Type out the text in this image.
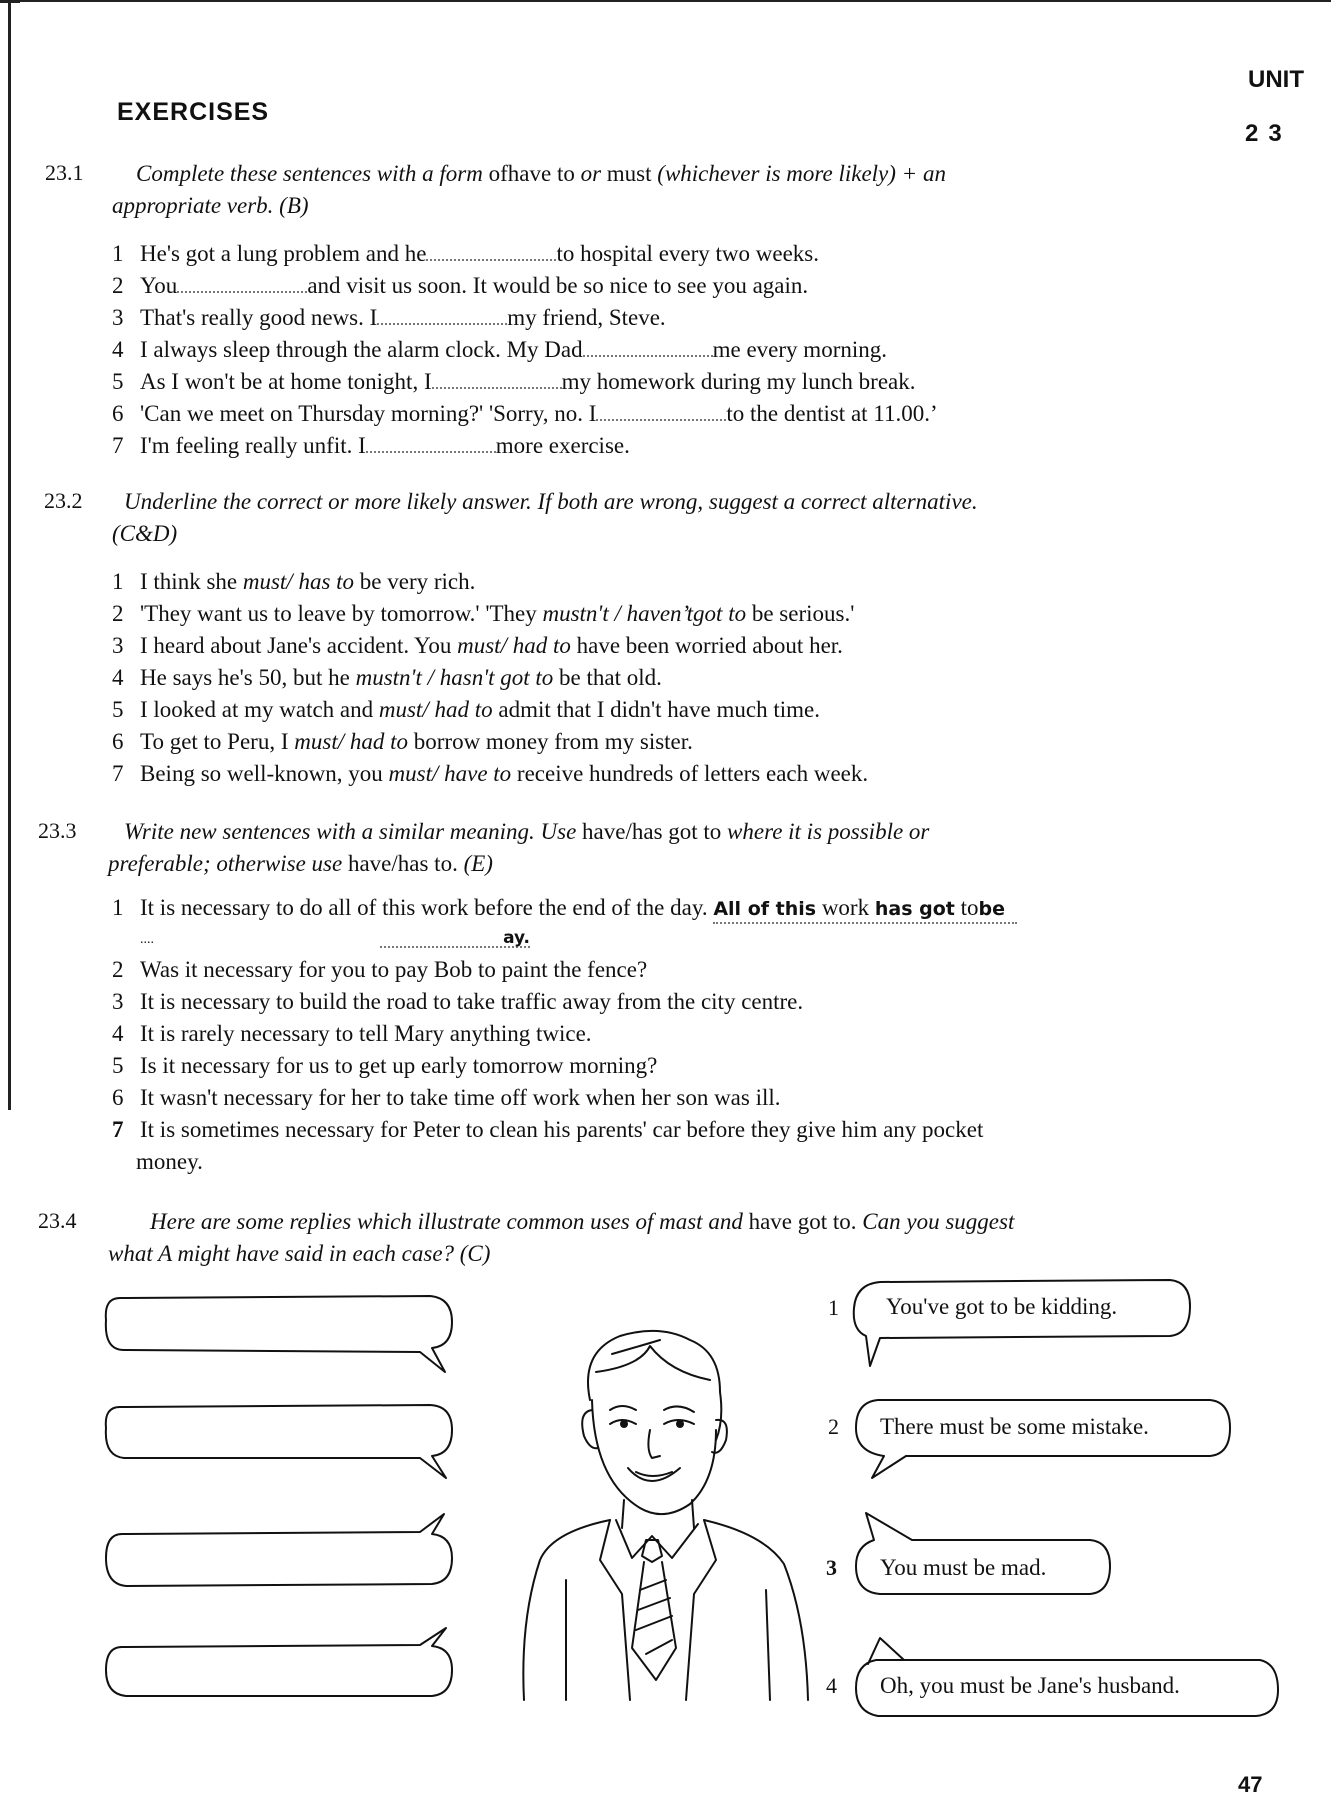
UNIT
23
EXERCISES
23.1	Complete these sentences with a form ofhave to or must (whichever is more likely) + an
appropriate verb. (B)
1 He's got a lung problem and he	to hospital every two weeks.
2 You	and visit us soon. It would be so nice to see you again.
3 That's really good news. I	my friend, Steve.
4 I always sleep through the alarm clock. My Dad	me every morning.
5 As I won't be at home tonight, I	my homework during my lunch break.
6 'Can we meet on Thursday morning?' 'Sorry, no. I	to the dentist at 11.00.’
7 I'm feeling really unfit. I	more exercise.
23.2	Underline the correct or more likely answer. If both are wrong, suggest a correct alternative.
(C&D)
1 I think she must/ has to be very rich.
2 'They want us to leave by tomorrow.' 'They mustn't / haven’tgot to be serious.'
3 I heard about Jane's accident. You must/ had to have been worried about her.
4 He says he's 50, but he mustn't / hasn't got to be that old.
5 I looked at my watch and must/ had to admit that I didn't have much time.
6 To get to Peru, I must/ had to borrow money from my sister.
7 Being so well-known, you must/ have to receive hundreds of letters each week.
23.3	Write new sentences with a similar meaning. Use have/has got to where it is possible or
preferable; otherwise use have/has to. (E)
1 It is necessary to do all of this work before the end of the day. All of this work has got tobe
....	ay.
2 Was it necessary for you to pay Bob to paint the fence?
3 It is necessary to build the road to take traffic away from the city centre.
4 It is rarely necessary to tell Mary anything twice.
5 Is it necessary for us to get up early tomorrow morning?
6 It wasn't necessary for her to take time off work when her son was ill.
7 It is sometimes necessary for Peter to clean his parents' car before they give him any pocket
money.
23.4	Here are some replies which illustrate common uses of mast and have got to. Can you suggest
what A might have said in each case? (C)
1 You've got to be kidding.
2 There must be some mistake.
3 You must be mad.
4 Oh, you must be Jane's husband.
47
